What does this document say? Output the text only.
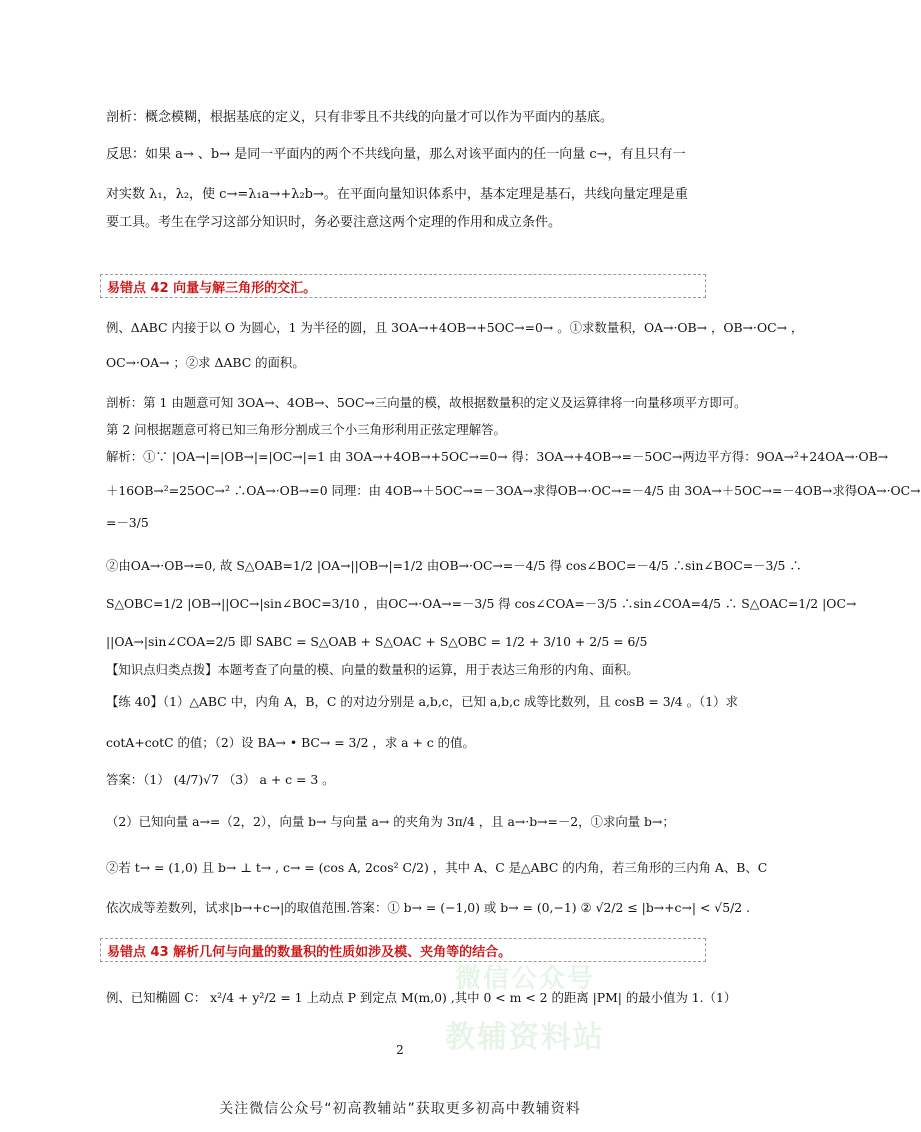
剖析：概念模糊，根据基底的定义，只有非零且不共线的向量才可以作为平面内的基底。
反思：如果 a→ 、b→ 是同一平面内的两个不共线向量，那么对该平面内的任一向量 c→，有且只有一
对实数 λ₁，λ₂，使 c→=λ₁a→+λ₂b→。在平面向量知识体系中，基本定理是基石，共线向量定理是重
要工具。考生在学习这部分知识时，务必要注意这两个定理的作用和成立条件。
易错点 42 向量与解三角形的交汇。
例、ΔABC 内接于以 O 为圆心，1 为半径的圆，且 3OA→+4OB→+5OC→=0→ 。①求数量积，OA→·OB→ ，OB→·OC→ ，
OC→·OA→ ；②求 ΔABC 的面积。
剖析：第 1 由题意可知 3OA→、4OB→、5OC→三向量的模，故根据数量积的定义及运算律将一向量移项平方即可。
第 2 问根据题意可将已知三角形分割成三个小三角形利用正弦定理解答。
解析：①∵ |OA→|=|OB→|=|OC→|=1 由 3OA→+4OB→+5OC→=0→ 得：3OA→+4OB→=－5OC→两边平方得：9OA→²+24OA→·OB→
＋16OB→²=25OC→² ∴OA→·OB→=0 同理：由 4OB→＋5OC→=－3OA→求得OB→·OC→=－4/5 由 3OA→＋5OC→=－4OB→求得OA→·OC→
=－3/5
②由OA→·OB→=0, 故 S△OAB=1/2 |OA→||OB→|=1/2 由OB→·OC→=－4/5 得 cos∠BOC=－4/5 ∴sin∠BOC=－3/5 ∴
S△OBC=1/2 |OB→||OC→|sin∠BOC=3/10 ，由OC→·OA→=－3/5 得 cos∠COA=－3/5 ∴sin∠COA=4/5 ∴ S△OAC=1/2 |OC→
||OA→|sin∠COA=2/5 即 SABC = S△OAB + S△OAC + S△OBC = 1/2 + 3/10 + 2/5 = 6/5
【知识点归类点拨】本题考查了向量的模、向量的数量积的运算，用于表达三角形的内角、面积。
【练 40】（1）△ABC 中，内角 A，B，C 的对边分别是 a,b,c，已知 a,b,c 成等比数列，且 cosB = 3/4 。（1）求
cotA+cotC 的值；（2）设 BA→ • BC→ = 3/2 ，求 a + c 的值。
答案：（1） (4/7)√7 （3） a + c = 3 。
（2）已知向量 a→=（2，2），向量 b→ 与向量 a→ 的夹角为 3π/4 ，且 a→·b→=－2，①求向量 b→；
②若 t→ = (1,0) 且 b→ ⊥ t→ , c→ = (cos A, 2cos² C/2) ，其中 A、C 是△ABC 的内角，若三角形的三内角 A、B、C
依次成等差数列，试求|b→+c→|的取值范围.答案：① b→ = (−1,0) 或 b→ = (0,−1) ② √2/2 ≤ |b→+c→| < √5/2 .
易错点 43 解析几何与向量的数量积的性质如涉及模、夹角等的结合。
例、已知椭圆 C： x²/4 + y²/2 = 1 上动点 P 到定点 M(m,0) ,其中 0 < m < 2 的距离 |PM| 的最小值为 1.（1）
微信公众号
教辅资料站
2
关注微信公众号“初高教辅站”获取更多初高中教辅资料
